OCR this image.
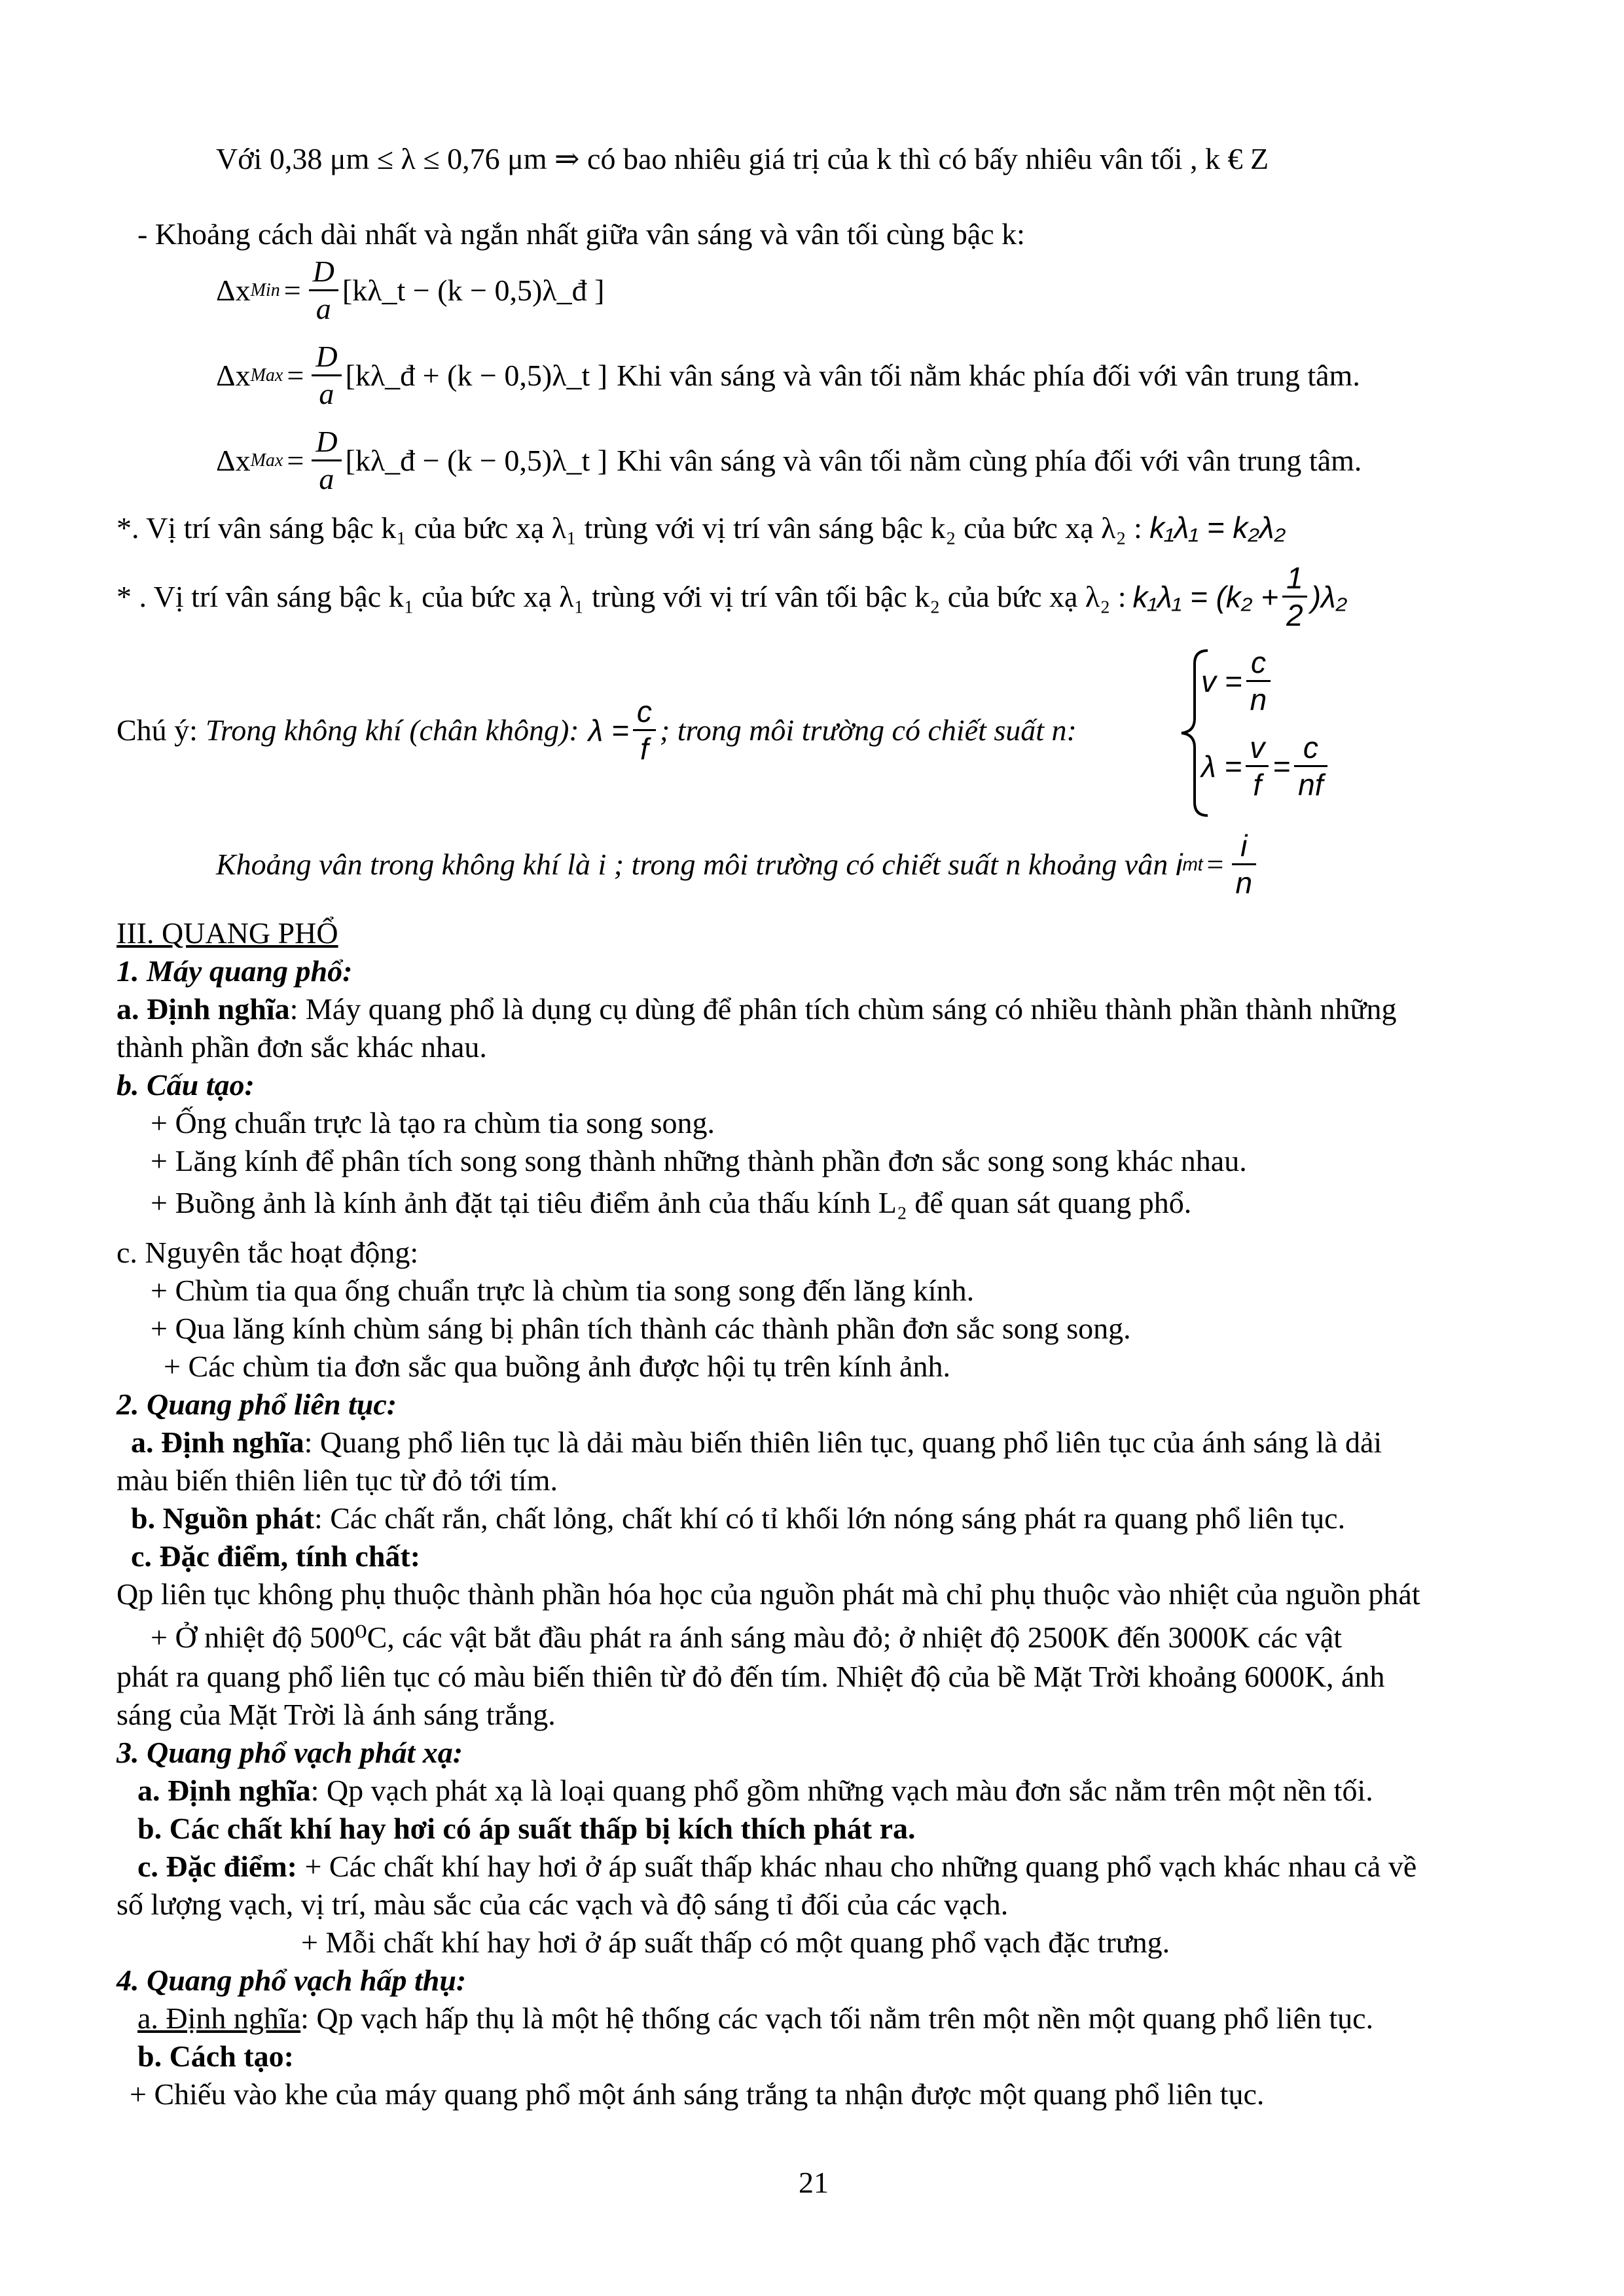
Với 0,38 μm ≤ λ ≤ 0,76 μm ⇒ có bao nhiêu giá trị của k thì có bấy nhiêu vân tối , k € Z
- Khoảng cách dài nhất và ngắn nhất giữa vân sáng và vân tối cùng bậc k:
Δx Min = $\frac{D}{a}$ [kλ_t − (k − 0,5)λ_đ ]
Δx Max = $\frac{D}{a}$ [kλ_đ + (k − 0,5)λ_t ] Khi vân sáng và vân tối nằm khác phía đối với vân trung tâm.
Δx Max = $\frac{D}{a}$ [kλ_đ − (k − 0,5)λ_t ] Khi vân sáng và vân tối nằm cùng phía đối với vân trung tâm.
*. Vị trí vân sáng bậc k₁ của bức xạ λ₁ trùng với vị trí vân sáng bậc k₂ của bức xạ λ₂ : k₁λ₁ = k₂λ₂
* . Vị trí vân sáng bậc k₁ của bức xạ λ₁ trùng với vị trí vân tối bậc k₂ của bức xạ λ₂ : $k_1\lambda_1 = (k_2 + \frac{1}{2} )\lambda_2$
Chú ý: Trong không khí (chân không): $\lambda = \frac{c}{f}$ ; trong môi trường có chiết suất n:
$v = \frac{c}{n}$
$\lambda = \frac{v}{f} = \frac{c}{nf}$
Khoảng vân trong không khí là i ; trong môi trường có chiết suất n khoảng vân i mt = $\frac{i}{n}$
III. QUANG PHỔ
1. Máy quang phổ:
a. Định nghĩa: Máy quang phổ là dụng cụ dùng để phân tích chùm sáng có nhiều thành phần thành những
thành phần đơn sắc khác nhau.
b. Cấu tạo:
+ Ống chuẩn trực là tạo ra chùm tia song song.
+ Lăng kính để phân tích song song thành những thành phần đơn sắc song song khác nhau.
+ Buồng ảnh là kính ảnh đặt tại tiêu điểm ảnh của thấu kính L₂ để quan sát quang phổ.
c. Nguyên tắc hoạt động:
+ Chùm tia qua ống chuẩn trực là chùm tia song song đến lăng kính.
+ Qua lăng kính chùm sáng bị phân tích thành các thành phần đơn sắc song song.
+ Các chùm tia đơn sắc qua buồng ảnh được hội tụ trên kính ảnh.
2. Quang phổ liên tục:
a. Định nghĩa: Quang phổ liên tục là dải màu biến thiên liên tục, quang phổ liên tục của ánh sáng là dải
màu biến thiên liên tục từ đỏ tới tím.
b. Nguồn phát: Các chất rắn, chất lỏng, chất khí có tỉ khối lớn nóng sáng phát ra quang phổ liên tục.
c. Đặc điểm, tính chất:
Qp liên tục không phụ thuộc thành phần hóa học của nguồn phát mà chỉ phụ thuộc vào nhiệt của nguồn phát
+ Ở nhiệt độ 500⁰C, các vật bắt đầu phát ra ánh sáng màu đỏ; ở nhiệt độ 2500K đến 3000K các vật
phát ra quang phổ liên tục có màu biến thiên từ đỏ đến tím. Nhiệt độ của bề Mặt Trời khoảng 6000K, ánh
sáng của Mặt Trời là ánh sáng trắng.
3. Quang phổ vạch phát xạ:
a. Định nghĩa: Qp vạch phát xạ là loại quang phổ gồm những vạch màu đơn sắc nằm trên một nền tối.
b. Các chất khí hay hơi có áp suất thấp bị kích thích phát ra.
c. Đặc điểm: + Các chất khí hay hơi ở áp suất thấp khác nhau cho những quang phổ vạch khác nhau cả về
số lượng vạch, vị trí, màu sắc của các vạch và độ sáng tỉ đối của các vạch.
+ Mỗi chất khí hay hơi ở áp suất thấp có một quang phổ vạch đặc trưng.
4. Quang phổ vạch hấp thụ:
a. Định nghĩa: Qp vạch hấp thụ là một hệ thống các vạch tối nằm trên một nền một quang phổ liên tục.
b. Cách tạo:
+ Chiếu vào khe của máy quang phổ một ánh sáng trắng ta nhận được một quang phổ liên tục.
21
